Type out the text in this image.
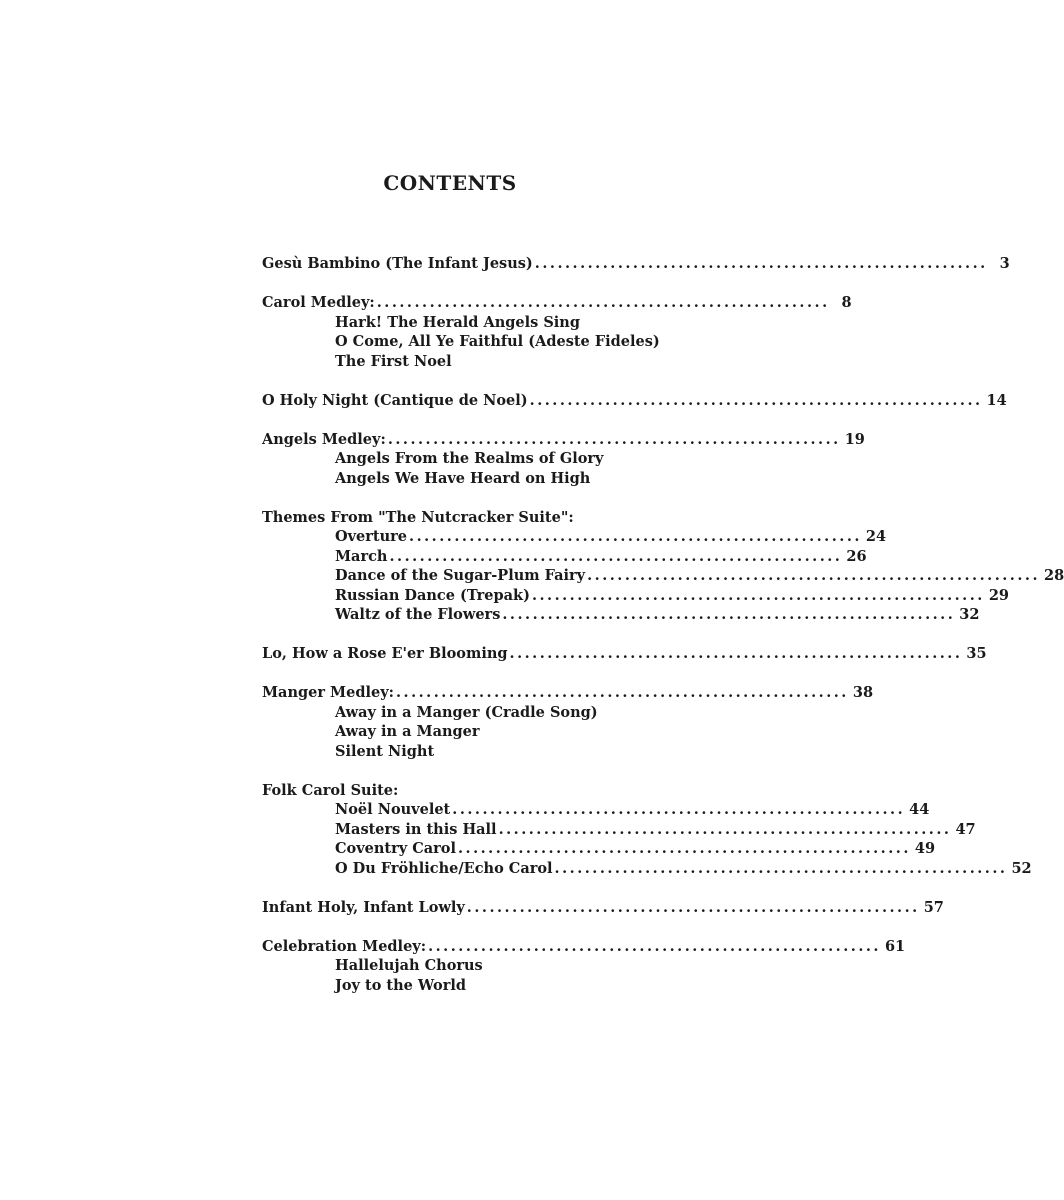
CONTENTS
Gesù Bambino (The Infant Jesus) ............................................................ 3
Carol Medley: ............................................................ 8
Hark! The Herald Angels Sing
O Come, All Ye Faithful (Adeste Fideles)
The First Noel
O Holy Night (Cantique de Noel) ............................................................ 14
Angels Medley: ............................................................ 19
Angels From the Realms of Glory
Angels We Have Heard on High
Themes From "The Nutcracker Suite":
Overture ............................................................ 24
March ............................................................ 26
Dance of the Sugar-Plum Fairy ............................................................ 28
Russian Dance (Trepak) ............................................................ 29
Waltz of the Flowers ............................................................ 32
Lo, How a Rose E'er Blooming ............................................................ 35
Manger Medley: ............................................................ 38
Away in a Manger (Cradle Song)
Away in a Manger
Silent Night
Folk Carol Suite:
Noël Nouvelet ............................................................ 44
Masters in this Hall ............................................................ 47
Coventry Carol ............................................................ 49
O Du Fröhliche/Echo Carol ............................................................ 52
Infant Holy, Infant Lowly ............................................................ 57
Celebration Medley: ............................................................ 61
Hallelujah Chorus
Joy to the World
